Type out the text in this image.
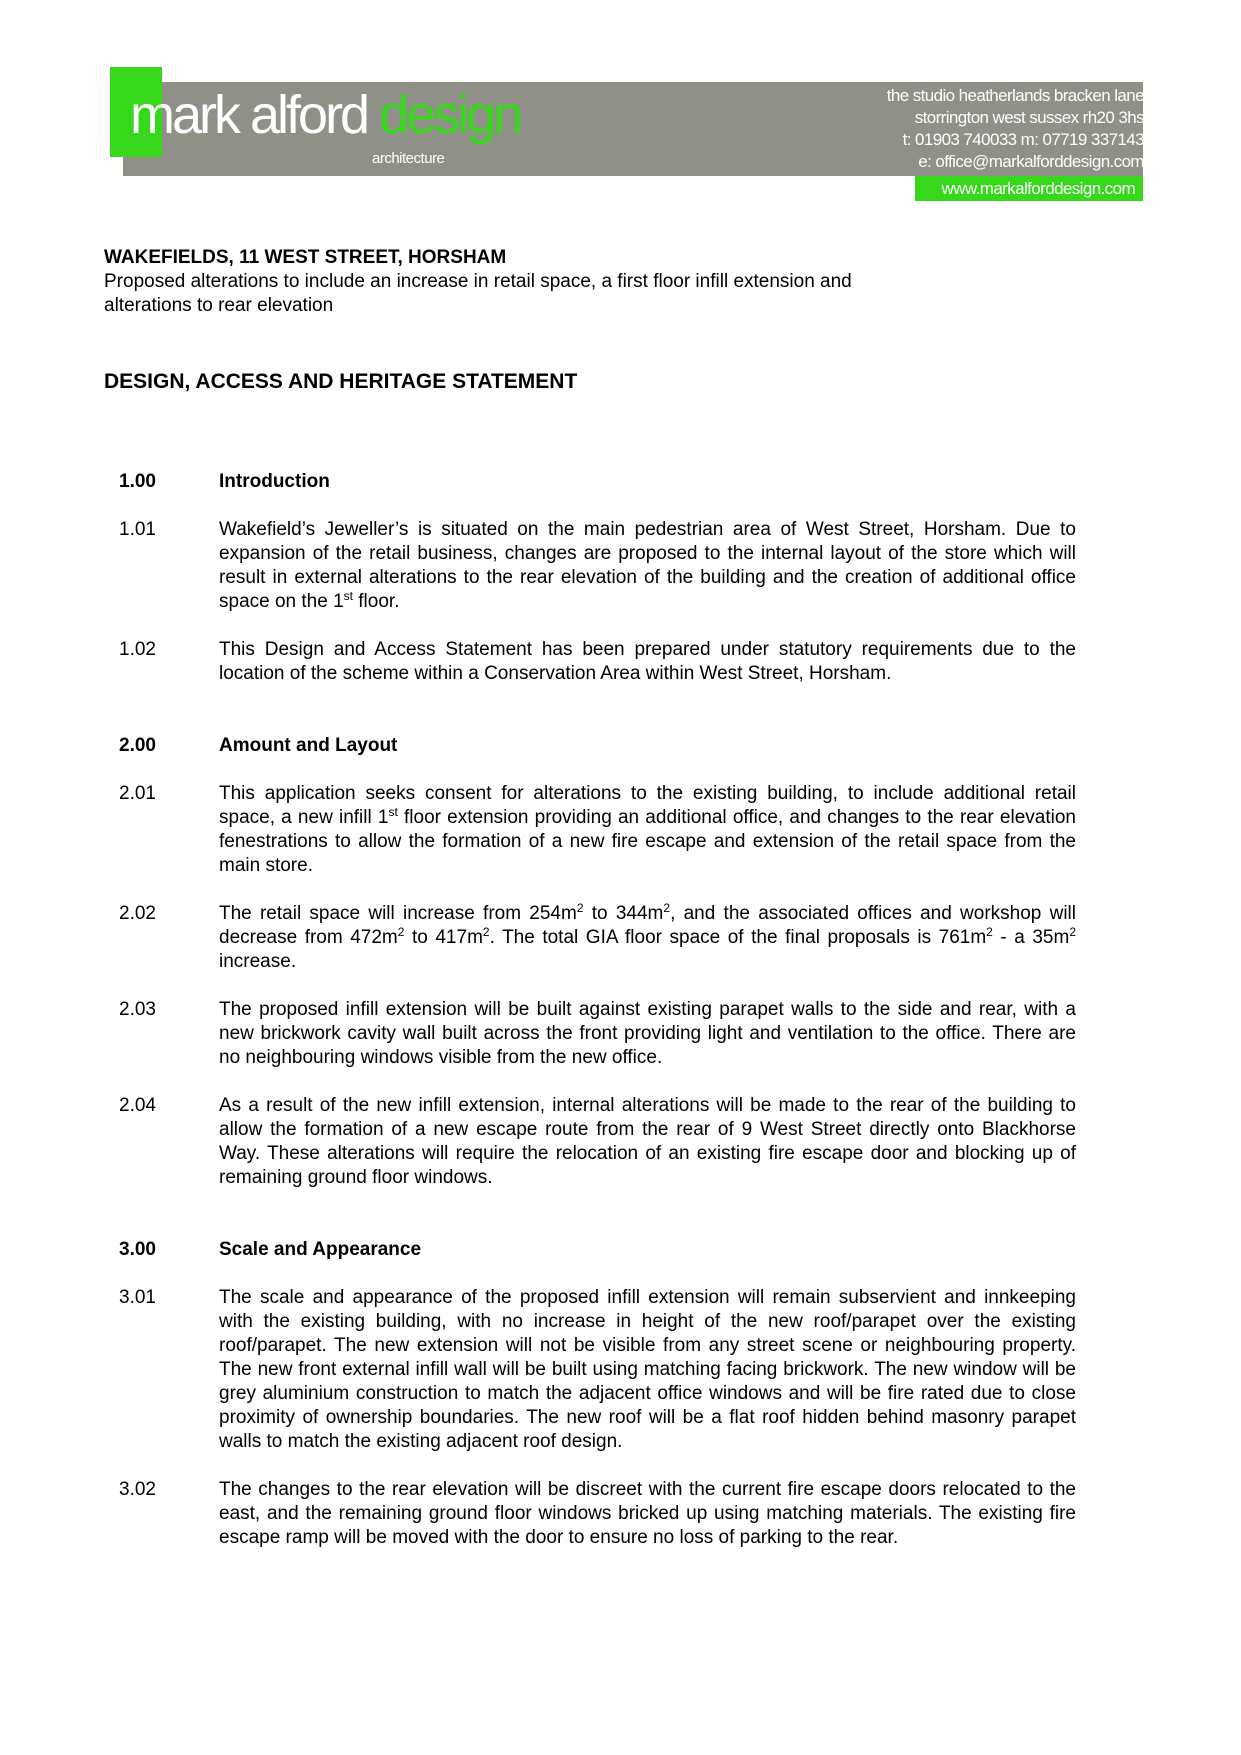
mark alford design
architecture
the studio heatherlands bracken lane
storrington west sussex rh20 3hs
t: 01903 740033 m: 07719 337143
e: office@markalforddesign.com
www.markalforddesign.com
WAKEFIELDS, 11 WEST STREET, HORSHAM
Proposed alterations to include an increase in retail space, a first floor infill extension and
alterations to rear elevation
DESIGN, ACCESS AND HERITAGE STATEMENT
1.00	Introduction
1.01	Wakefield’s Jeweller’s is situated on the main pedestrian area of West Street, Horsham. Due to expansion of the retail business, changes are proposed to the internal layout of the store which will result in external alterations to the rear elevation of the building and the creation of additional office space on the 1st floor.
1.02	This Design and Access Statement has been prepared under statutory requirements due to the location of the scheme within a Conservation Area within West Street, Horsham.
2.00	Amount and Layout
2.01	This application seeks consent for alterations to the existing building, to include additional retail space, a new infill 1st floor extension providing an additional office, and changes to the rear elevation fenestrations to allow the formation of a new fire escape and extension of the retail space from the main store.
2.02	The retail space will increase from $254m^2$ to $344m^2$, and the associated offices and workshop will decrease from $472m^2$ to $417m^2$. The total GIA floor space of the final proposals is $761m^2$ - a $35m^2$ increase.
2.03	The proposed infill extension will be built against existing parapet walls to the side and rear, with a new brickwork cavity wall built across the front providing light and ventilation to the office. There are no neighbouring windows visible from the new office.
2.04	As a result of the new infill extension, internal alterations will be made to the rear of the building to allow the formation of a new escape route from the rear of 9 West Street directly onto Blackhorse Way. These alterations will require the relocation of an existing fire escape door and blocking up of remaining ground floor windows.
3.00	Scale and Appearance
3.01	The scale and appearance of the proposed infill extension will remain subservient and innkeeping with the existing building, with no increase in height of the new roof/parapet over the existing roof/parapet. The new extension will not be visible from any street scene or neighbouring property. The new front external infill wall will be built using matching facing brickwork. The new window will be grey aluminium construction to match the adjacent office windows and will be fire rated due to close proximity of ownership boundaries. The new roof will be a flat roof hidden behind masonry parapet walls to match the existing adjacent roof design.
3.02	The changes to the rear elevation will be discreet with the current fire escape doors relocated to the east, and the remaining ground floor windows bricked up using matching materials. The existing fire escape ramp will be moved with the door to ensure no loss of parking to the rear.
